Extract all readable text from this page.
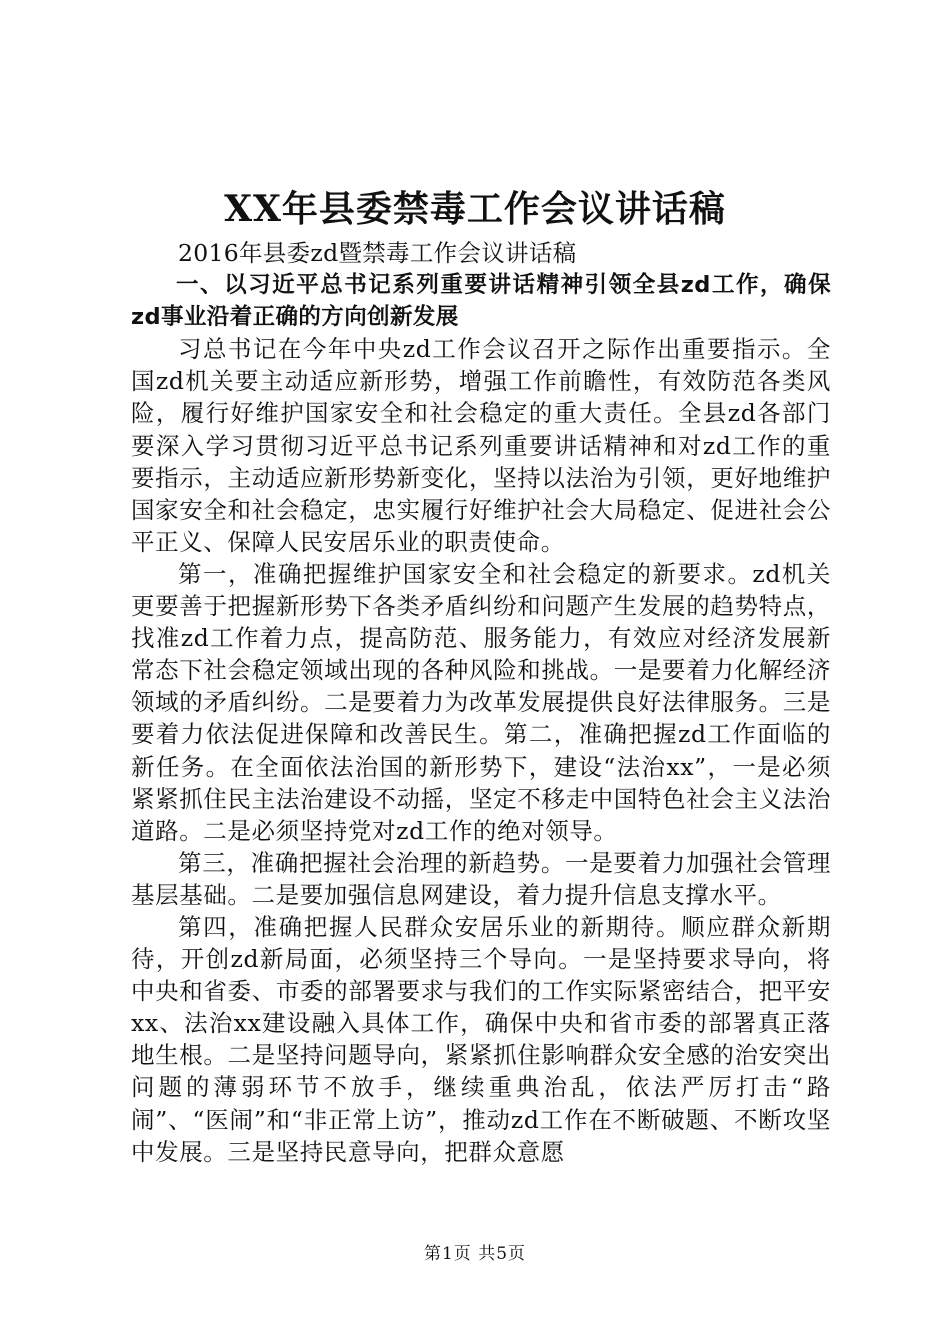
XX年县委禁毒工作会议讲话稿

2016年县委zd暨禁毒工作会议讲话稿

一、以习近平总书记系列重要讲话精神引领全县zd工作，确保zd事业沿着正确的方向创新发展

习总书记在今年中央zd工作会议召开之际作出重要指示。全国zd机关要主动适应新形势，增强工作前瞻性，有效防范各类风险，履行好维护国家安全和社会稳定的重大责任。全县zd各部门要深入学习贯彻习近平总书记系列重要讲话精神和对zd工作的重要指示，主动适应新形势新变化，坚持以法治为引领，更好地维护国家安全和社会稳定，忠实履行好维护社会大局稳定、促进社会公平正义、保障人民安居乐业的职责使命。

第一，准确把握维护国家安全和社会稳定的新要求。zd机关更要善于把握新形势下各类矛盾纠纷和问题产生发展的趋势特点，找准zd工作着力点，提高防范、服务能力，有效应对经济发展新常态下社会稳定领域出现的各种风险和挑战。一是要着力化解经济领域的矛盾纠纷。二是要着力为改革发展提供良好法律服务。三是要着力依法促进保障和改善民生。第二，准确把握zd工作面临的新任务。在全面依法治国的新形势下，建设“法治xx”，一是必须紧紧抓住民主法治建设不动摇，坚定不移走中国特色社会主义法治道路。二是必须坚持党对zd工作的绝对领导。

第三，准确把握社会治理的新趋势。一是要着力加强社会管理基层基础。二是要加强信息网建设，着力提升信息支撑水平。

第四，准确把握人民群众安居乐业的新期待。顺应群众新期待，开创zd新局面，必须坚持三个导向。一是坚持要求导向，将中央和省委、市委的部署要求与我们的工作实际紧密结合，把平安xx、法治xx建设融入具体工作，确保中央和省市委的部署真正落地生根。二是坚持问题导向，紧紧抓住影响群众安全感的治安突出问题的薄弱环节不放手，继续重典治乱，依法严厉打击“路闹”、“医闹”和“非正常上访”，推动zd工作在不断破题、不断攻坚中发展。三是坚持民意导向，把群众意愿

第1页 共5页
